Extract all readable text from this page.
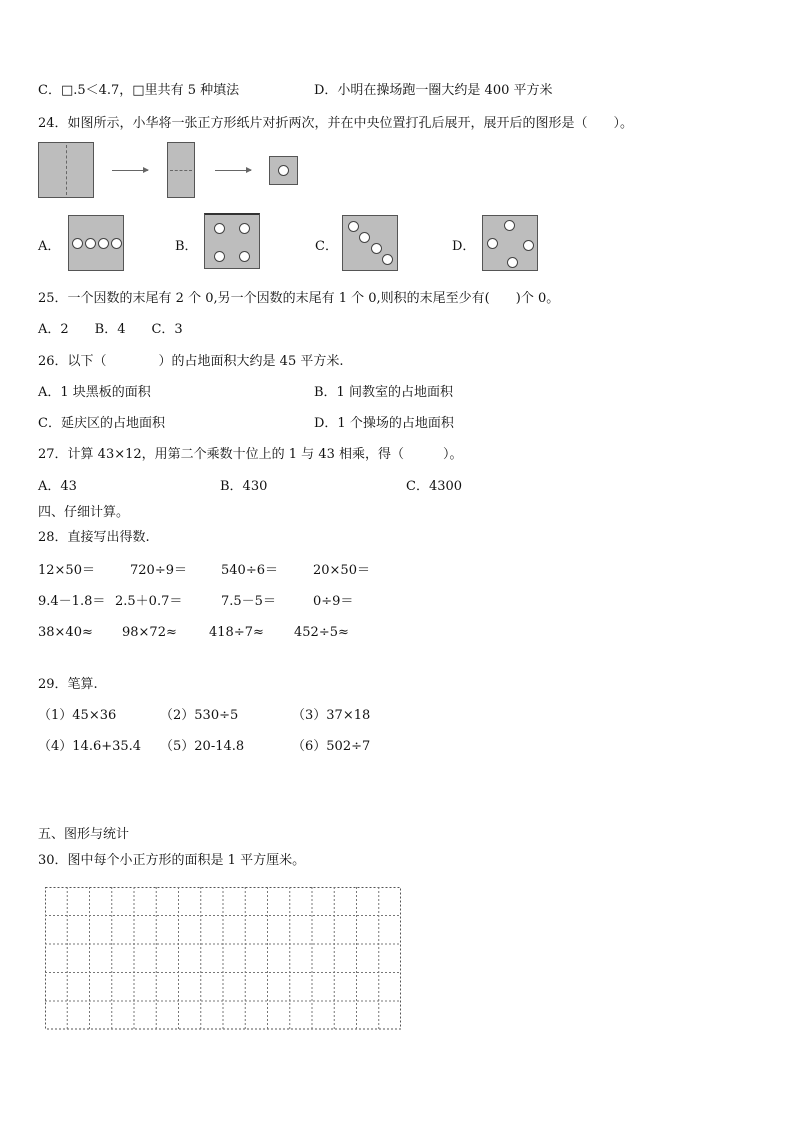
C．□.5＜4.7，□里共有 5 种填法	D．小明在操场跑一圈大约是 400 平方米
24．如图所示，小华将一张正方形纸片对折两次，并在中央位置打孔后展开，展开后的图形是（　　）。
A．	B．	C．	D．
25．一个因数的末尾有 2 个 0,另一个因数的末尾有 1 个 0,则积的末尾至少有(　　)个 0。
A．2　　B．4　　C．3
26．以下（　　　　）的占地面积大约是 45 平方米.
A．1 块黑板的面积	B．1 间教室的占地面积
C．延庆区的占地面积	D．1 个操场的占地面积
27．计算 43×12，用第二个乘数十位上的 1 与 43 相乘，得（　　　）。
A．43	B．430	C．4300
四、仔细计算。
28．直接写出得数.
12×50＝	720÷9＝	540÷6＝	20×50＝
9.4－1.8＝ 2.5＋0.7＝	7.5－5＝	0÷9＝
38×40≈ 98×72≈ 418÷7≈ 452÷5≈
29．笔算.
（1）45×36	（2）530÷5	（3）37×18
（4）14.6+35.4 （5）20-14.8	（6）502÷7
五、图形与统计
30．图中每个小正方形的面积是 1 平方厘米。
